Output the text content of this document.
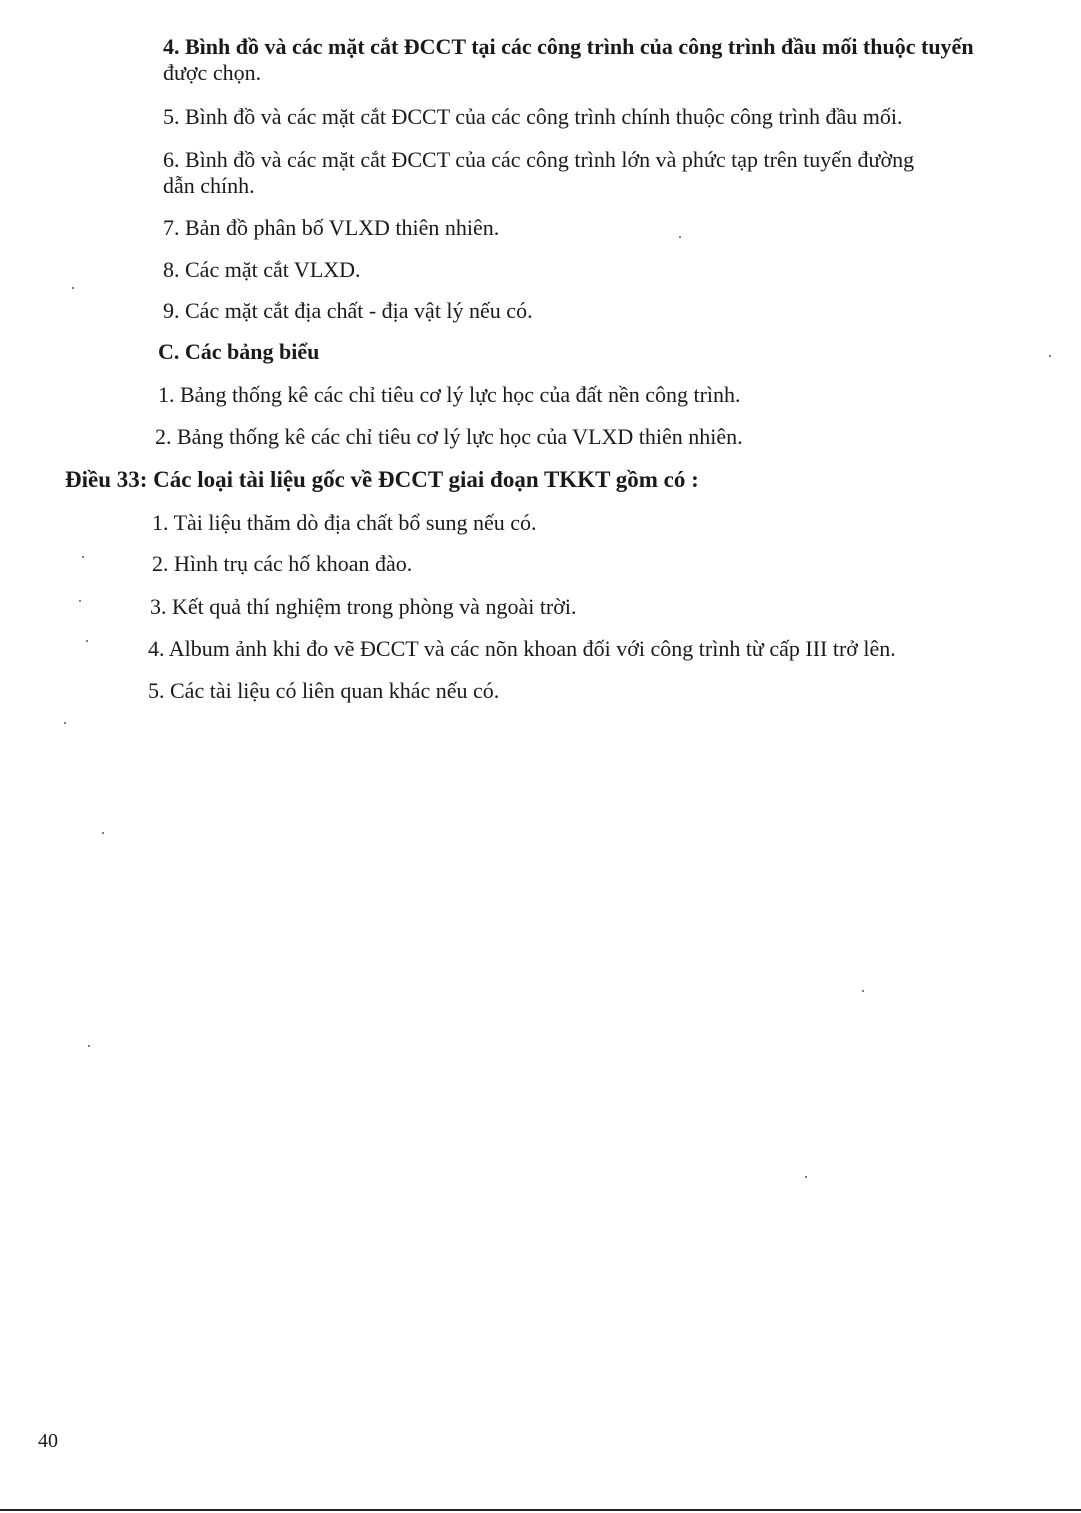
4. Bình đồ và các mặt cắt ĐCCT tại các công trình của công trình đầu mối thuộc tuyến
được chọn.
5. Bình đồ và các mặt cắt ĐCCT của các công trình chính thuộc công trình đầu mối.
6. Bình đồ và các mặt cắt ĐCCT của các công trình lớn và phức tạp trên tuyến đường
dẫn chính.
7. Bản đồ phân bố VLXD thiên nhiên.
8. Các mặt cắt VLXD.
9. Các mặt cắt địa chất - địa vật lý nếu có.
C. Các bảng biểu
1. Bảng thống kê các chỉ tiêu cơ lý lực học của đất nền công trình.
2. Bảng thống kê các chỉ tiêu cơ lý lực học của VLXD thiên nhiên.
Điều 33: Các loại tài liệu gốc về ĐCCT giai đoạn TKKT gồm có :
1. Tài liệu thăm dò địa chất bổ sung nếu có.
2. Hình trụ các hố khoan đào.
3. Kết quả thí nghiệm trong phòng và ngoài trời.
4. Album ảnh khi đo vẽ ĐCCT và các nõn khoan đối với công trình từ cấp III trở lên.
5. Các tài liệu có liên quan khác nếu có.
40
